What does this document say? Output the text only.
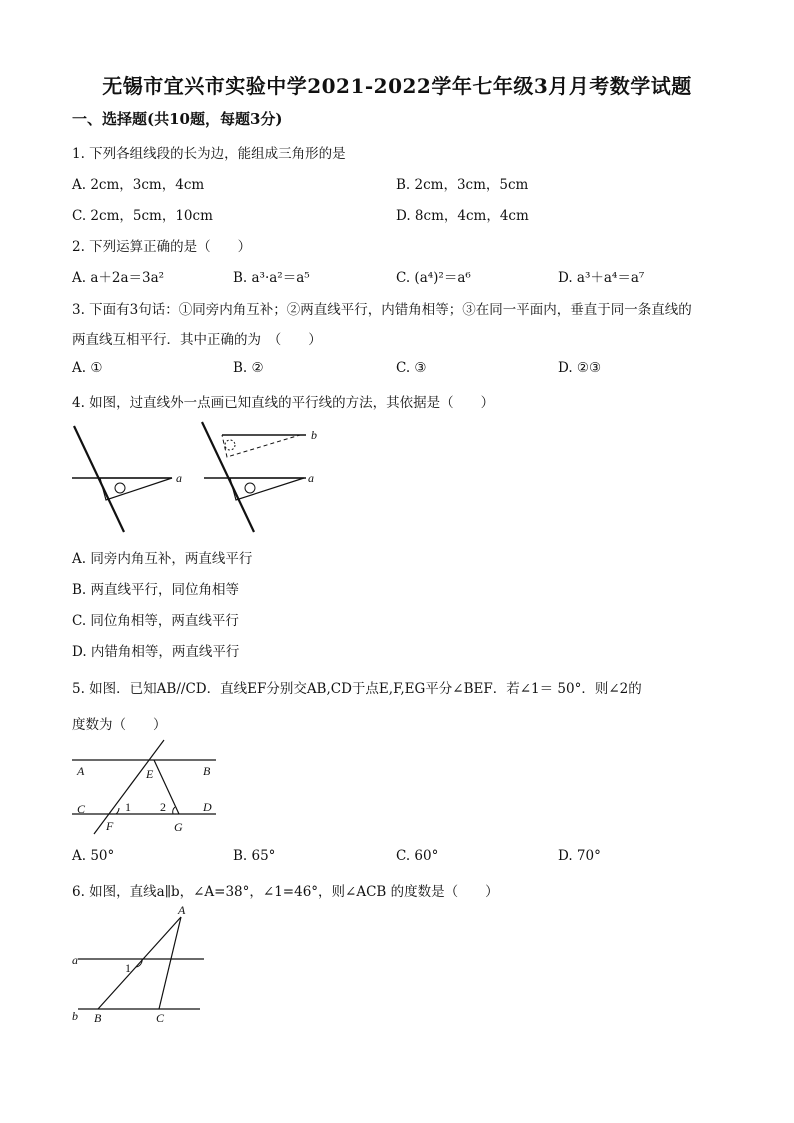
无锡市宜兴市实验中学2021-2022学年七年级3月月考数学试题
一、选择题(共10题，每题3分)
1. 下列各组线段的长为边，能组成三角形的是
A. 2cm，3cm，4cm	B. 2cm，3cm，5cm
C. 2cm，5cm，10cm	D. 8cm，4cm，4cm
2. 下列运算正确的是（　　）
A. a＋2a＝3a²	B. a³·a²＝a⁵	C. (a⁴)²＝a⁶	D. a³＋a⁴＝a⁷
3. 下面有3句话：①同旁内角互补；②两直线平行，内错角相等；③在同一平面内，垂直于同一条直线的
两直线互相平行．其中正确的为　（　　）
A. ①	B. ②	C. ③	D. ②③
4. 如图，过直线外一点画已知直线的平行线的方法，其依据是（　　）
a
b
a
A. 同旁内角互补，两直线平行
B. 两直线平行，同位角相等
C. 同位角相等，两直线平行
D. 内错角相等，两直线平行
5. 如图．已知AB//CD．直线EF分别交AB,CD于点E,F,EG平分∠BEF．若∠1＝ 50°．则∠2的
度数为（　　）
A	B
E
C	1 2	D
F	G
A. 50°	B. 65°	C. 60°	D. 70°
6. 如图，直线a∥b，∠A=38°，∠1=46°，则∠ACB 的度数是（　　）
A
a
1
b B	C
